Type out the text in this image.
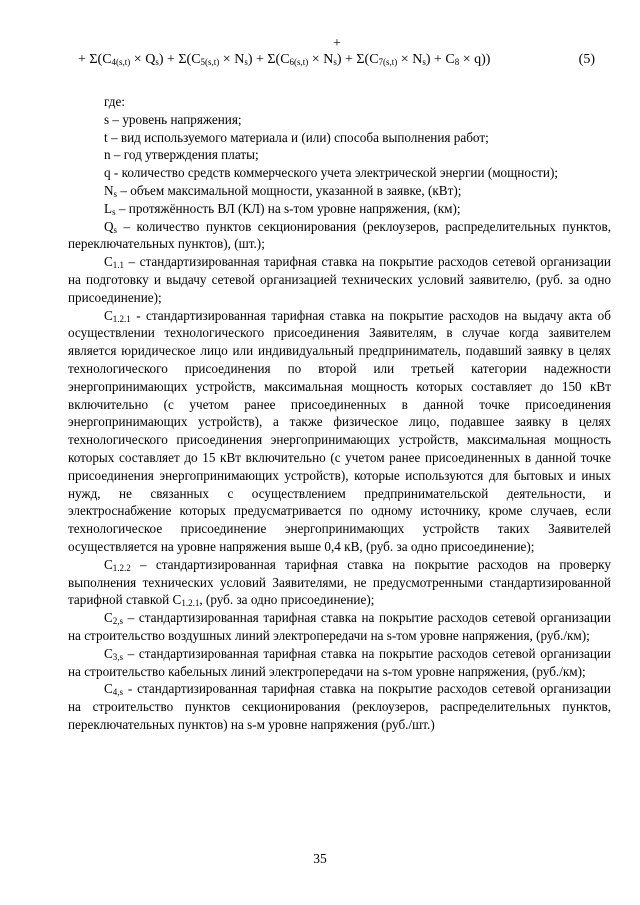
+
+ $\Sigma(C_{4(s,t)} \times Q_s) + \Sigma(C_{5(s,t)} \times N_s) + \Sigma(C_{6(s,t)} \times N_s) + \Sigma(C_{7(s,t)} \times N_s) + C_8 \times q$))	(5)

где:

s – уровень напряжения;

t – вид используемого материала и (или) способа выполнения работ;

n – год утверждения платы;

q - количество средств коммерческого учета электрической энергии (мощности);

$N_s$ – объем максимальной мощности, указанной в заявке, (кВт);

$L_s$ – протяжённость ВЛ (КЛ) на s-том уровне напряжения, (км);

$Q_s$ – количество пунктов секционирования (реклоузеров, распределительных пунктов, переключательных пунктов), (шт.);

$C_{1.1}$ – стандартизированная тарифная ставка на покрытие расходов сетевой организации на подготовку и выдачу сетевой организацией технических условий заявителю, (руб. за одно присоединение);

$C_{1.2.1}$ - стандартизированная тарифная ставка на покрытие расходов на выдачу акта об осуществлении технологического присоединения Заявителям, в случае когда заявителем является юридическое лицо или индивидуальный предприниматель, подавший заявку в целях технологического присоединения по второй или третьей категории надежности энергопринимающих устройств, максимальная мощность которых составляет до 150 кВт включительно (с учетом ранее присоединенных в данной точке присоединения энергопринимающих устройств), а также физическое лицо, подавшее заявку в целях технологического присоединения энергопринимающих устройств, максимальная мощность которых составляет до 15 кВт включительно (с учетом ранее присоединенных в данной точке присоединения энергопринимающих устройств), которые используются для бытовых и иных нужд, не связанных с осуществлением предпринимательской деятельности, и электроснабжение которых предусматривается по одному источнику, кроме случаев, если технологическое присоединение энергопринимающих устройств таких Заявителей осуществляется на уровне напряжения выше 0,4 кВ, (руб. за одно присоединение);

$C_{1.2.2}$ – стандартизированная тарифная ставка на покрытие расходов на проверку выполнения технических условий Заявителями, не предусмотренными стандартизированной тарифной ставкой $С_{1.2.1}$, (руб. за одно присоединение);

$C_{2,s}$ – стандартизированная тарифная ставка на покрытие расходов сетевой организации на строительство воздушных линий электропередачи на s-том уровне напряжения, (руб./км);

$C_{3,s}$ – стандартизированная тарифная ставка на покрытие расходов сетевой организации на строительство кабельных линий электропередачи на s-том уровне напряжения, (руб./км);

$C_{4,s}$ - стандартизированная тарифная ставка на покрытие расходов сетевой организации на строительство пунктов секционирования (реклоузеров, распределительных пунктов, переключательных пунктов) на s-м уровне напряжения (руб./шт.)

35
